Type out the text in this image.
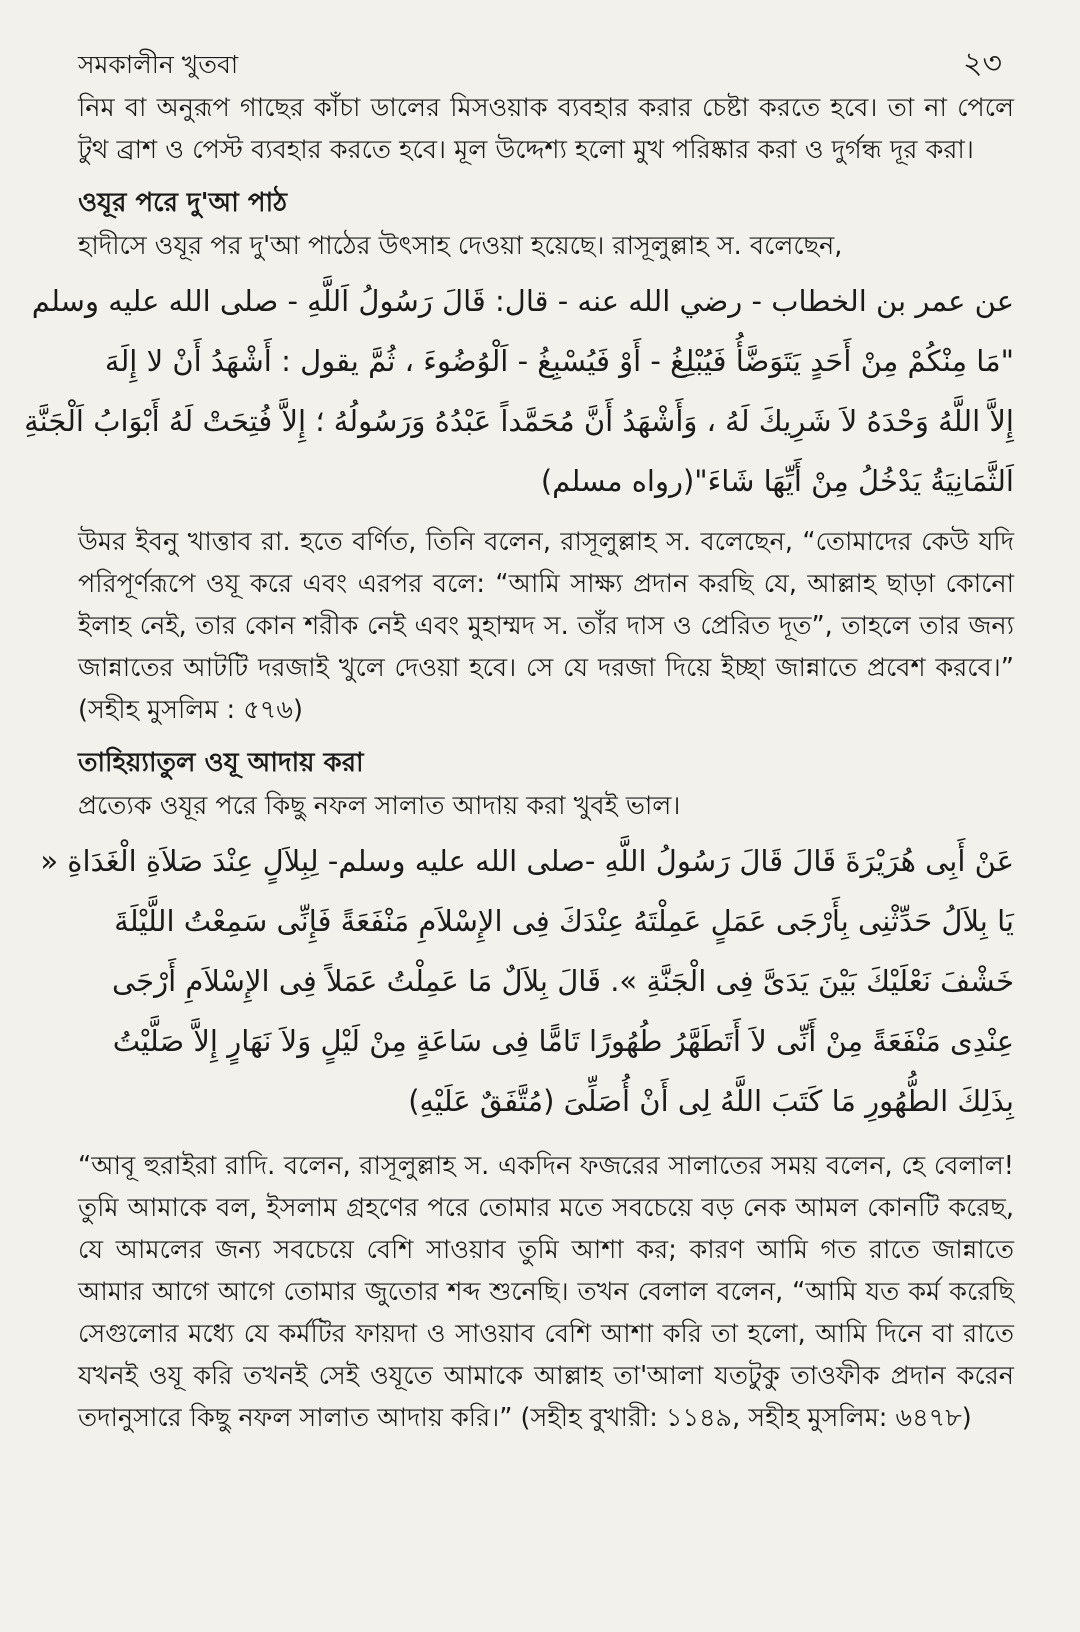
সমকালীন খুতবা	২৩

নিম বা অনুরূপ গাছের কাঁচা ডালের মিসওয়াক ব্যবহার করার চেষ্টা করতে হবে। তা না পেলে টুথ ব্রাশ ও পেস্ট ব্যবহার করতে হবে। মূল উদ্দেশ্য হলো মুখ পরিষ্কার করা ও দুর্গন্ধ দূর করা।

ওযূর পরে দু'আ পাঠ

হাদীসে ওযূর পর দু'আ পাঠের উৎসাহ দেওয়া হয়েছে। রাসূলুল্লাহ স. বলেছেন,

عن عمر بن الخطاب - رضي الله عنه - قال: قَالَ رَسُولُ اَللَّهِ - صلى الله عليه وسلم
"مَا مِنْكُمْ مِنْ أَحَدٍ يَتَوَضَّأُ فَيُبْلِغُ - أَوْ فَيُسْبِغُ - اَلْوُضُوءَ ، ثُمَّ يقول : أَشْهَدُ أَنْ لا إِلَهَ
إِلاَّ اللَّهُ وَحْدَهُ لاَ شَرِيكَ لَهُ ، وَأَشْهَدُ أَنَّ مُحَمَّداً عَبْدُهُ وَرَسُولُهُ ؛ إِلاَّ فُتِحَتْ لَهُ أَبْوَابُ اَلْجَنَّةِ
اَلثَّمَانِيَةُ يَدْخُلُ مِنْ أَيِّهَا شَاءَ"(رواه مسلم)

উমর ইবনু খাত্তাব রা. হতে বর্ণিত, তিনি বলেন, রাসূলুল্লাহ স. বলেছেন, “তোমাদের কেউ যদি পরিপূর্ণরূপে ওযূ করে এবং এরপর বলে: “আমি সাক্ষ্য প্রদান করছি যে, আল্লাহ ছাড়া কোনো ইলাহ নেই, তার কোন শরীক নেই এবং মুহাম্মদ স. তাঁর দাস ও প্রেরিত দূত”, তাহলে তার জন্য জান্নাতের আটটি দরজাই খুলে দেওয়া হবে। সে যে দরজা দিয়ে ইচ্ছা জান্নাতে প্রবেশ করবে।” (সহীহ মুসলিম : ৫৭৬)

তাহিয়্যাতুল ওযূ আদায় করা

প্রত্যেক ওযূর পরে কিছু নফল সালাত আদায় করা খুবই ভাল।

عَنْ أَبِى هُرَيْرَةَ قَالَ قَالَ رَسُولُ اللَّهِ -صلى الله عليه وسلم- لِبِلاَلٍ عِنْدَ صَلاَةِ الْغَدَاةِ «
يَا بِلاَلُ حَدِّثْنِى بِأَرْجَى عَمَلٍ عَمِلْتَهُ عِنْدَكَ فِى الإِسْلاَمِ مَنْفَعَةً فَإِنِّى سَمِعْتُ اللَّيْلَةَ
خَشْفَ نَعْلَيْكَ بَيْنَ يَدَىَّ فِى الْجَنَّةِ ». قَالَ بِلاَلٌ مَا عَمِلْتُ عَمَلاً فِى الإِسْلاَمِ أَرْجَى
عِنْدِى مَنْفَعَةً مِنْ أَنِّى لاَ أَتَطَهَّرُ طُهُورًا تَامًّا فِى سَاعَةٍ مِنْ لَيْلٍ وَلاَ نَهَارٍ إِلاَّ صَلَّيْتُ
بِذَلِكَ الطُّهُورِ مَا كَتَبَ اللَّهُ لِى أَنْ أُصَلِّىَ (مُتَّفَقٌ عَلَيْهِ)

“আবূ হুরাইরা রাদি. বলেন, রাসূলুল্লাহ স. একদিন ফজরের সালাতের সময় বলেন, হে বেলাল! তুমি আমাকে বল, ইসলাম গ্রহণের পরে তোমার মতে সবচেয়ে বড় নেক আমল কোনটি করেছ, যে আমলের জন্য সবচেয়ে বেশি সাওয়াব তুমি আশা কর; কারণ আমি গত রাতে জান্নাতে আমার আগে আগে তোমার জুতোর শব্দ শুনেছি। তখন বেলাল বলেন, “আমি যত কর্ম করেছি সেগুলোর মধ্যে যে কর্মটির ফায়দা ও সাওয়াব বেশি আশা করি তা হলো, আমি দিনে বা রাতে যখনই ওযূ করি তখনই সেই ওযূতে আমাকে আল্লাহ তা'আলা যতটুকু তাওফীক প্রদান করেন তদানুসারে কিছু নফল সালাত আদায় করি।” (সহীহ বুখারী: ১১৪৯, সহীহ মুসলিম: ৬৪৭৮)
